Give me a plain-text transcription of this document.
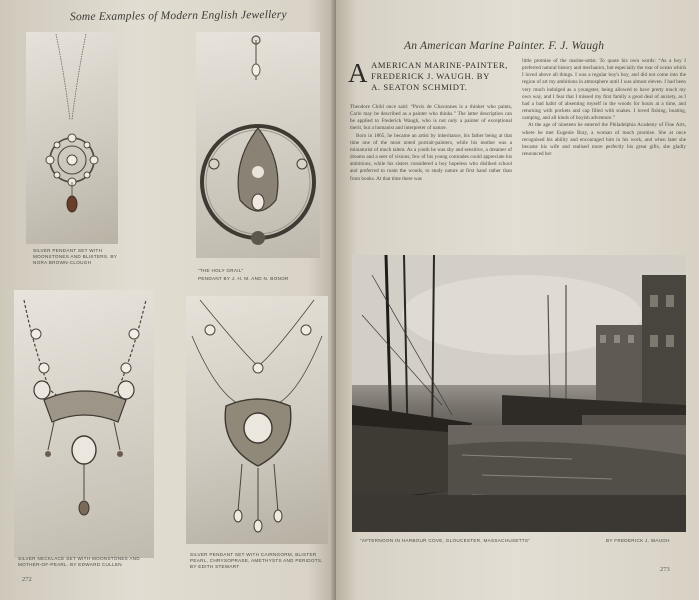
Some Examples of Modern English Jewellery
SILVER PENDANT SET WITH MOONSTONES AND BLISTERS. BY NORA BROWN-CLOUGH
“THE HOLY GRAIL”
PENDANT BY J. H. M. AND N. BONOR
SILVER NECKLACE SET WITH MOONSTONES AND MOTHER-OF-PEARL. BY EDWARD CULLEN
272
SILVER PENDANT SET WITH CAIRNGORM, BLISTER PEARL, CHRYSOPRASE, AMETHYSTS AND PERIDOTS. BY EDITH STEWART
An American Marine Painter. F. J. Waugh
A AMERICAN MARINE-PAINTER,
FREDERICK J. WAUGH. BY
A. SEATON SCHMIDT.

Theodore Child once said: “Puvis de Chavannes is a thinker who paints, Carlo may be described as a painter who thinks.” The latter description can be applied to Frederick Waugh, who is not only a painter of exceptional merit, but a humanist and interpreter of nature.

Born in 1865, he became an artist by inheritance, his father being at that time one of the most noted portrait-painters, while his mother was a miniaturist of much talent. As a youth he was shy and sensitive, a dreamer of dreams and a seer of visions; few of his young comrades could appreciate his ambitions, while his sisters considered a boy hopeless who disliked school and preferred to roam the woods, to study nature at first hand rather than from books. At that time there was

little promise of the marine-artist. To quote his own words: “As a boy I preferred natural history and mechanics, but especially the roar of ocean which I loved above all things. I was a regular boy's boy, and did not come into the region of art my ambitions in atmosphere until I was almost eleven. I had been very much indulged as a youngster, being allowed to have pretty much my own way, and I fear that I missed my first family a good deal of anxiety, as I had a bad habit of absenting myself in the woods for hours at a time, and returning with pockets and cap filled with snakes. I loved fishing, boating, camping, and all kinds of boyish adventure.”

At the age of nineteen he entered the Philadelphia Academy of Fine Arts, where he met Eugenie Bray, a woman of much promise. She at once recognised his ability and encouraged him in his work, and when later she became his wife and realised more perfectly his great gifts, she gladly renounced her

“AFTERNOON IN HARBOUR COVE, GLOUCESTER, MASSACHUSETTS”	BY FREDERICK J. WAUGH
273
